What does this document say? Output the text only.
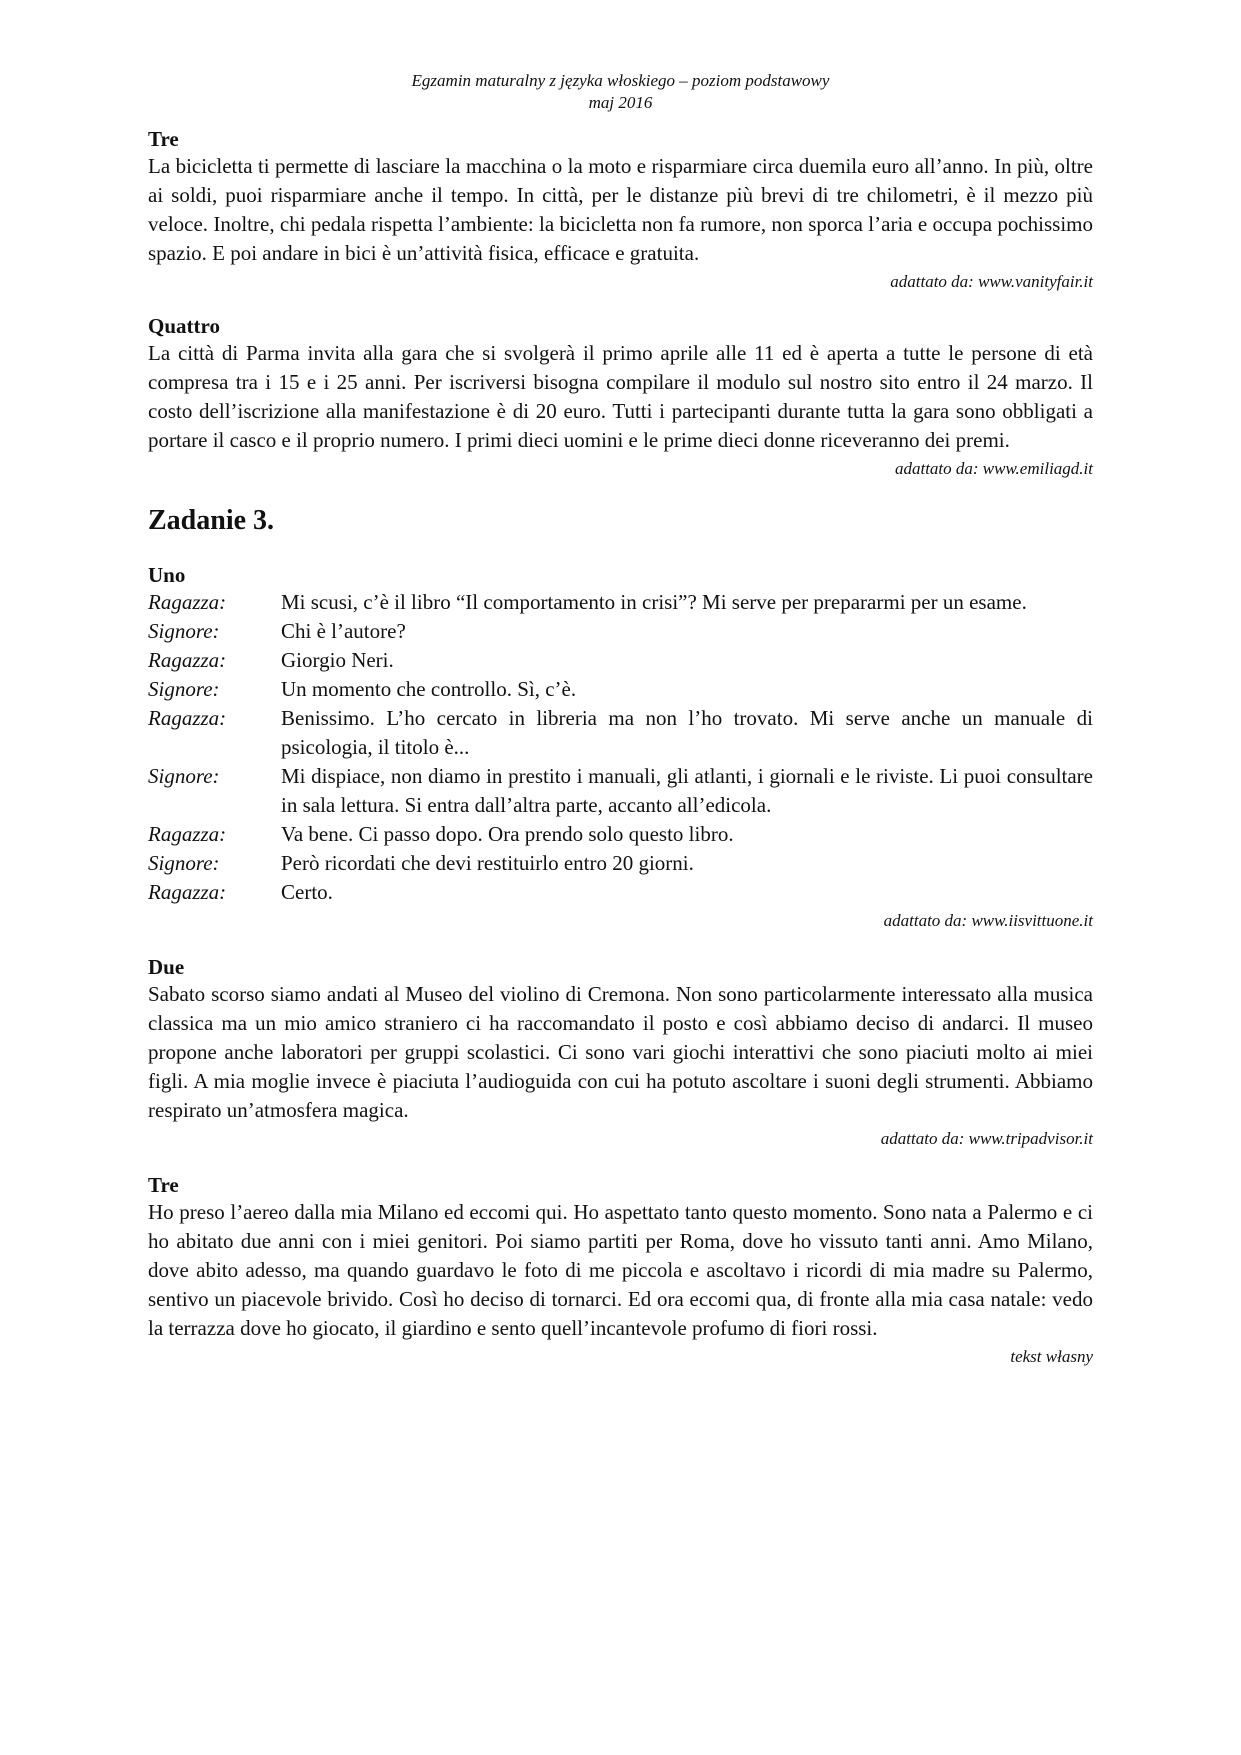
Egzamin maturalny z języka włoskiego – poziom podstawowy
maj 2016
Tre
La bicicletta ti permette di lasciare la macchina o la moto e risparmiare circa duemila euro all’anno. In più, oltre ai soldi, puoi risparmiare anche il tempo. In città, per le distanze più brevi di tre chilometri, è il mezzo più veloce. Inoltre, chi pedala rispetta l’ambiente: la bicicletta non fa rumore, non sporca l’aria e occupa pochissimo spazio. E poi andare in bici è un’attività fisica, efficace e gratuita.
adattato da: www.vanityfair.it
Quattro
La città di Parma invita alla gara che si svolgerà il primo aprile alle 11 ed è aperta a tutte le persone di età compresa tra i 15 e i 25 anni. Per iscriversi bisogna compilare il modulo sul nostro sito entro il 24 marzo. Il costo dell’iscrizione alla manifestazione è di 20 euro. Tutti i partecipanti durante tutta la gara sono obbligati a portare il casco e il proprio numero. I primi dieci uomini e le prime dieci donne riceveranno dei premi.
adattato da: www.emiliagd.it
Zadanie 3.
Uno
Ragazza:	Mi scusi, c’è il libro “Il comportamento in crisi”? Mi serve per prepararmi per un esame.
Signore:	Chi è l’autore?
Ragazza:	Giorgio Neri.
Signore:	Un momento che controllo. Sì, c’è.
Ragazza:	Benissimo. L’ho cercato in libreria ma non l’ho trovato. Mi serve anche un manuale di psicologia, il titolo è...
Signore:	Mi dispiace, non diamo in prestito i manuali, gli atlanti, i giornali e le riviste. Li puoi consultare in sala lettura. Si entra dall’altra parte, accanto all’edicola.
Ragazza:	Va bene. Ci passo dopo. Ora prendo solo questo libro.
Signore:	Però ricordati che devi restituirlo entro 20 giorni.
Ragazza:	Certo.
adattato da: www.iisvittuone.it
Due
Sabato scorso siamo andati al Museo del violino di Cremona. Non sono particolarmente interessato alla musica classica ma un mio amico straniero ci ha raccomandato il posto e così abbiamo deciso di andarci. Il museo propone anche laboratori per gruppi scolastici. Ci sono vari giochi interattivi che sono piaciuti molto ai miei figli. A mia moglie invece è piaciuta l’audioguida con cui ha potuto ascoltare i suoni degli strumenti. Abbiamo respirato un’atmosfera magica.
adattato da: www.tripadvisor.it
Tre
Ho preso l’aereo dalla mia Milano ed eccomi qui. Ho aspettato tanto questo momento. Sono nata a Palermo e ci ho abitato due anni con i miei genitori. Poi siamo partiti per Roma, dove ho vissuto tanti anni. Amo Milano, dove abito adesso, ma quando guardavo le foto di me piccola e ascoltavo i ricordi di mia madre su Palermo, sentivo un piacevole brivido. Così ho deciso di tornarci. Ed ora eccomi qua, di fronte alla mia casa natale: vedo la terrazza dove ho giocato, il giardino e sento quell’incantevole profumo di fiori rossi.
tekst własny
